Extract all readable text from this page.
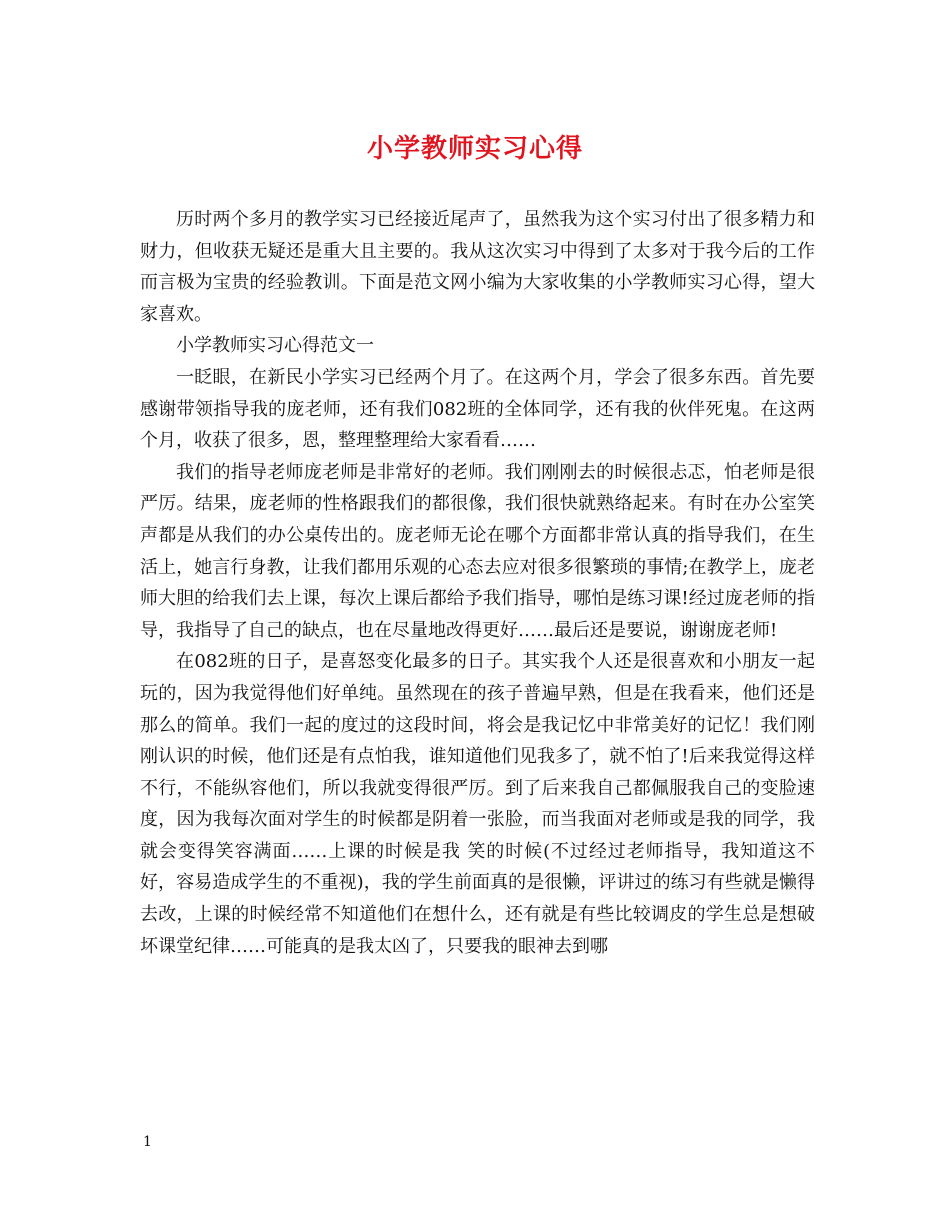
小学教师实习心得

历时两个多月的教学实习已经接近尾声了，虽然我为这个实习付出了很多精力和财力，但收获无疑还是重大且主要的。我从这次实习中得到了太多对于我今后的工作而言极为宝贵的经验教训。下面是范文网小编为大家收集的小学教师实习心得，望大家喜欢。

小学教师实习心得范文一

一眨眼，在新民小学实习已经两个月了。在这两个月，学会了很多东西。首先要感谢带领指导我的庞老师，还有我们082班的全体同学，还有我的伙伴死鬼。在这两个月，收获了很多，恩，整理整理给大家看看……

我们的指导老师庞老师是非常好的老师。我们刚刚去的时候很忐忑，怕老师是很严厉。结果，庞老师的性格跟我们的都很像，我们很快就熟络起来。有时在办公室笑声都是从我们的办公桌传出的。庞老师无论在哪个方面都非常认真的指导我们，在生活上，她言行身教，让我们都用乐观的心态去应对很多很繁琐的事情;在教学上，庞老师大胆的给我们去上课，每次上课后都给予我们指导，哪怕是练习课!经过庞老师的指导，我指导了自己的缺点，也在尽量地改得更好……最后还是要说，谢谢庞老师!

在082班的日子，是喜怒变化最多的日子。其实我个人还是很喜欢和小朋友一起玩的，因为我觉得他们好单纯。虽然现在的孩子普遍早熟，但是在我看来，他们还是那么的简单。我们一起的度过的这段时间，将会是我记忆中非常美好的记忆！我们刚刚认识的时候，他们还是有点怕我，谁知道他们见我多了，就不怕了!后来我觉得这样不行，不能纵容他们，所以我就变得很严厉。到了后来我自己都佩服我自己的变脸速度，因为我每次面对学生的时候都是阴着一张脸，而当我面对老师或是我的同学，我就会变得笑容满面……上课的时候是我 笑的时候(不过经过老师指导，我知道这不好，容易造成学生的不重视)，我的学生前面真的是很懒，评讲过的练习有些就是懒得去改，上课的时候经常不知道他们在想什么，还有就是有些比较调皮的学生总是想破坏课堂纪律……可能真的是我太凶了，只要我的眼神去到哪

1
